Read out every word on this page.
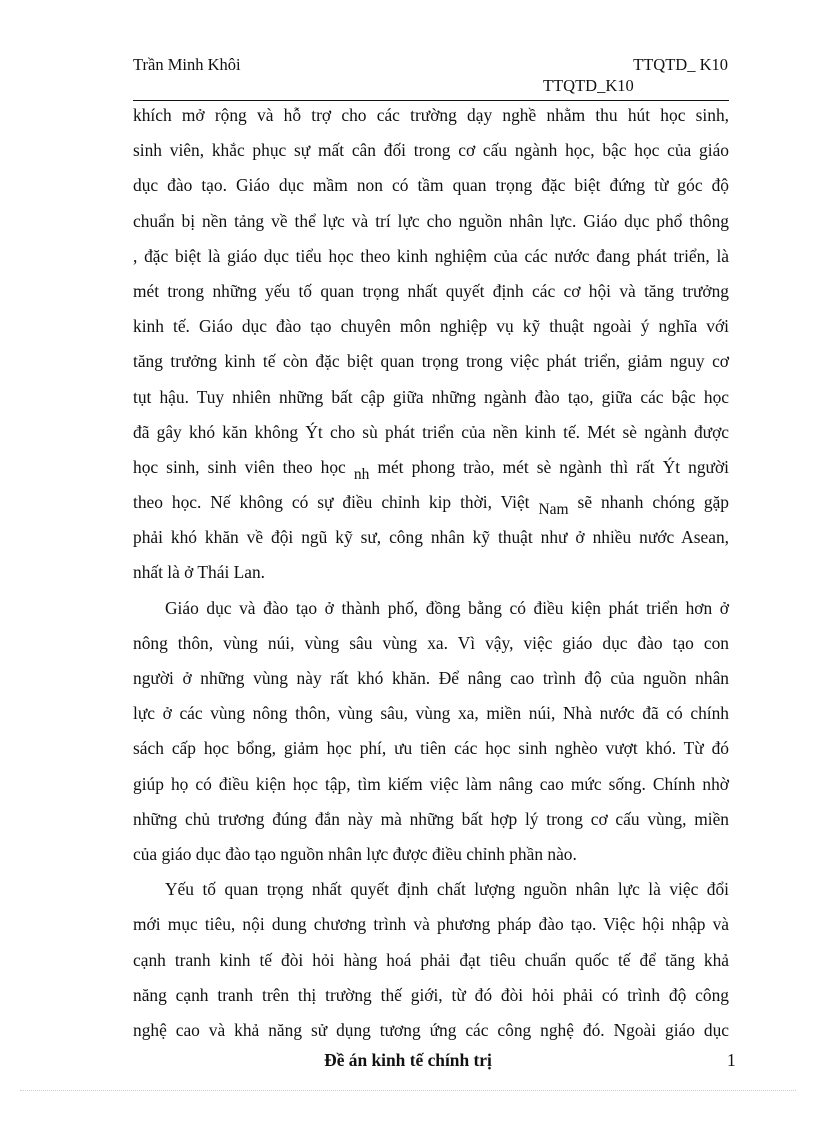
Trần Minh Khôi	TTQTD_ K10
TTQTD_K10
khích mở rộng và hỗ trợ cho các trường dạy nghề nhằm thu hút học sinh,
sinh viên, khắc phục sự mất cân đối trong cơ cấu ngành học, bậc học của giáo
dục đào tạo. Giáo dục mầm non có tầm quan trọng đặc biệt đứng từ góc độ
chuẩn bị nền tảng về thể lực và trí lực cho nguồn nhân lực. Giáo dục phổ thông
, đặc biệt là giáo dục tiểu học theo kinh nghiệm của các nước đang phát triển, là
mét trong những yếu tố quan trọng nhất quyết định các cơ hội và tăng trưởng
kinh tế. Giáo dục đào tạo chuyên môn nghiệp vụ kỹ thuật ngoài ý nghĩa với
tăng trưởng kinh tế còn đặc biệt quan trọng trong việc phát triển, giảm nguy cơ
tụt hậu. Tuy nhiên những bất cập giữa những ngành đào tạo, giữa các bậc học
đã gây khó kăn không Ýt cho sù phát triển của nền kinh tế. Mét sè ngành được
học sinh, sinh viên theo học nh mét phong trào, mét sè ngành thì rất Ýt người
theo học. Nế không có sự điều chỉnh kip thời, Việt Nam sẽ nhanh chóng gặp
phải khó khăn về đội ngũ kỹ sư, công nhân kỹ thuật như ở nhiều nước Asean,
nhất là ở Thái Lan.
Giáo dục và đào tạo ở thành phố, đồng bằng có điều kiện phát triển hơn ở
nông thôn, vùng núi, vùng sâu vùng xa. Vì vậy, việc giáo dục đào tạo con
người ở những vùng này rất khó khăn. Để nâng cao trình độ của nguồn nhân
lực ở các vùng nông thôn, vùng sâu, vùng xa, miền núi, Nhà nước đã có chính
sách cấp học bổng, giảm học phí, ưu tiên các học sinh nghèo vượt khó. Từ đó
giúp họ có điều kiện học tập, tìm kiếm việc làm nâng cao mức sống. Chính nhờ
những chủ trương đúng đắn này mà những bất hợp lý trong cơ cấu vùng, miền
của giáo dục đào tạo nguồn nhân lực được điều chỉnh phần nào.
Yếu tố quan trọng nhất quyết định chất lượng nguồn nhân lực là việc đổi
mới mục tiêu, nội dung chương trình và phương pháp đào tạo. Việc hội nhập và
cạnh tranh kinh tế đòi hỏi hàng hoá phải đạt tiêu chuẩn quốc tế để tăng khả
năng cạnh tranh trên thị trường thế giới, từ đó đòi hỏi phải có trình độ công
nghệ cao và khả năng sử dụng tương ứng các công nghệ đó. Ngoài giáo dục
Đề án kinh tế chính trị	1
